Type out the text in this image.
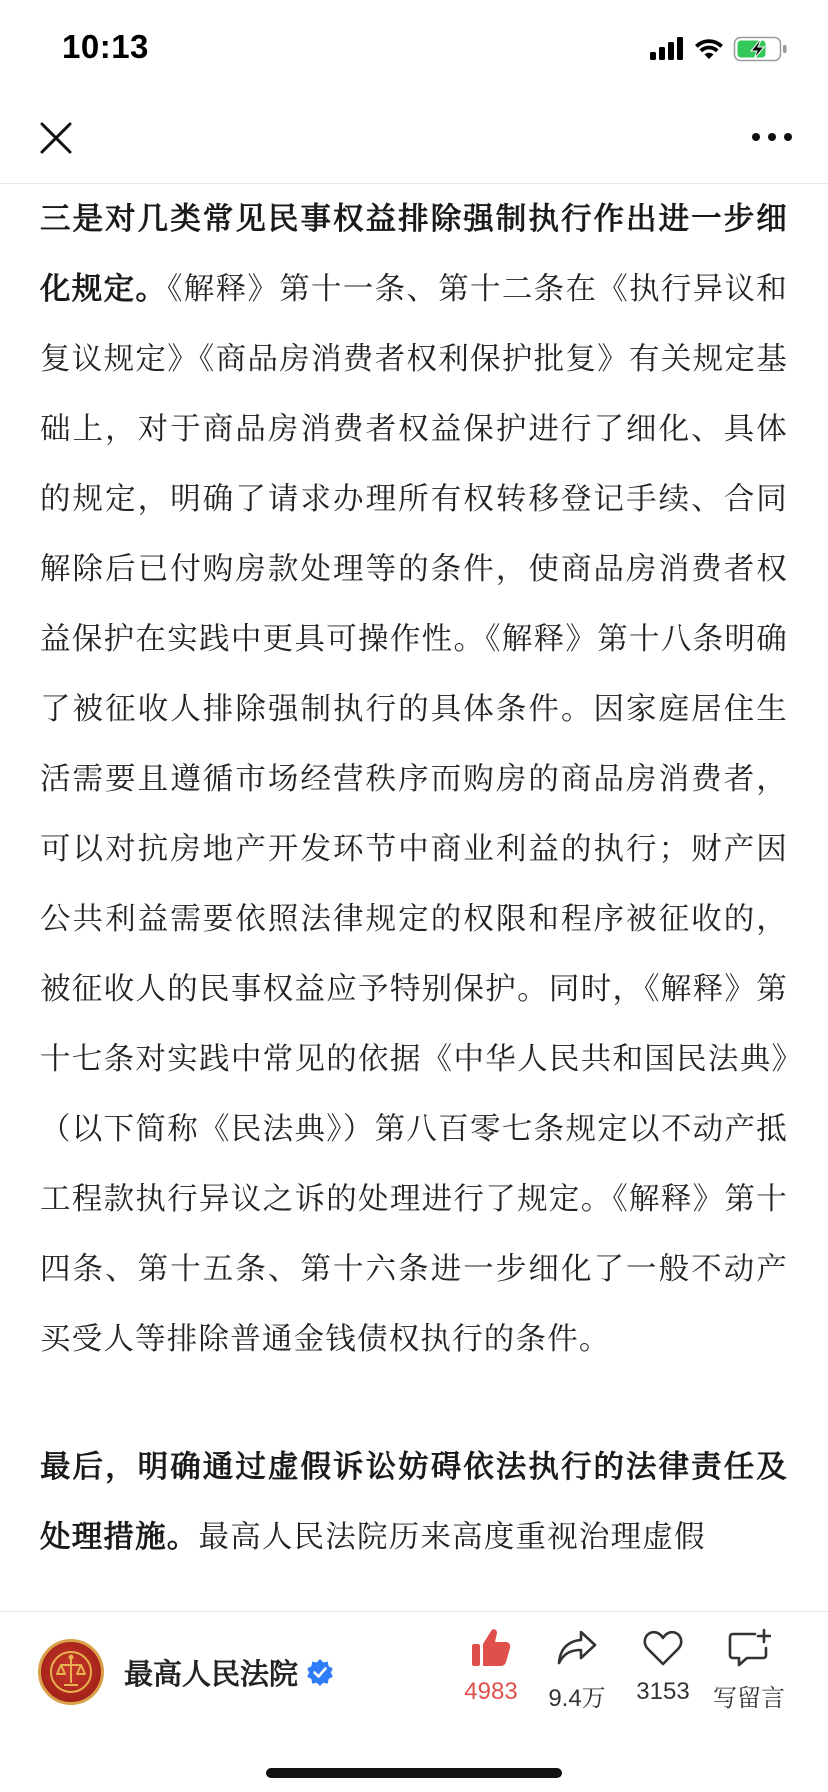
10:13

三是对几类常见民事权益排除强制执行作出进一步细化规定。《解释》第十一条、第十二条在《执行异议和复议规定》《商品房消费者权利保护批复》有关规定基础上，对于商品房消费者权益保护进行了细化、具体的规定，明确了请求办理所有权转移登记手续、合同解除后已付购房款处理等的条件，使商品房消费者权益保护在实践中更具可操作性。《解释》第十八条明确了被征收人排除强制执行的具体条件。因家庭居住生活需要且遵循市场经营秩序而购房的商品房消费者，可以对抗房地产开发环节中商业利益的执行；财产因公共利益需要依照法律规定的权限和程序被征收的，被征收人的民事权益应予特别保护。同时，《解释》第十七条对实践中常见的依据《中华人民共和国民法典》（以下简称《民法典》）第八百零七条规定以不动产抵工程款执行异议之诉的处理进行了规定。《解释》第十四条、第十五条、第十六条进一步细化了一般不动产买受人等排除普通金钱债权执行的条件。

最后，明确通过虚假诉讼妨碍依法执行的法律责任及处理措施。最高人民法院历来高度重视治理虚假

最高人民法院
4983	9.4万	3153 写留言
